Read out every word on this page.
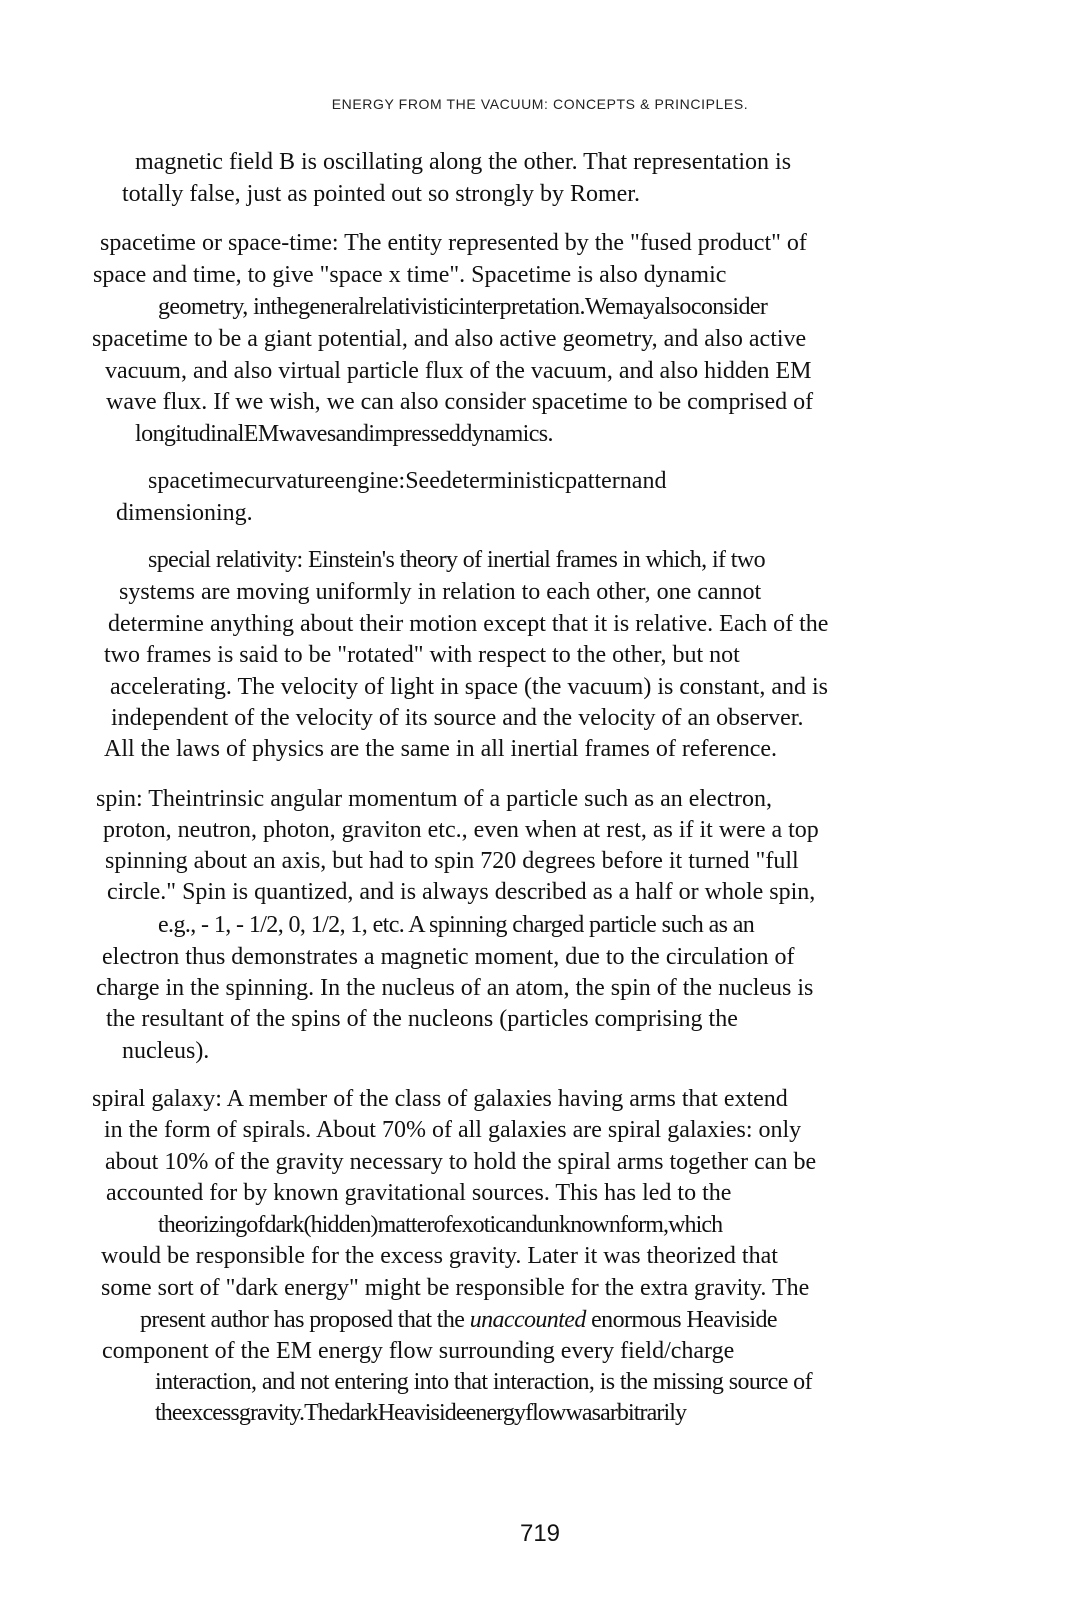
ENERGY FROM THE VACUUM: CONCEPTS & PRINCIPLES.
magnetic field B is oscillating along the other. That representation is
totally false, just as pointed out so strongly by Romer.
spacetime or space-time: The entity represented by the "fused product" of
space and time, to give "space x time". Spacetime is also dynamic
geometry, inthegeneralrelativisticinterpretation.Wemayalsoconsider
spacetime to be a giant potential, and also active geometry, and also active
vacuum, and also virtual particle flux of the vacuum, and also hidden EM
wave flux. If we wish, we can also consider spacetime to be comprised of
longitudinalEMwavesandimpresseddynamics.
spacetimecurvatureengine:Seedeterministicpatternand
dimensioning.
special relativity: Einstein's theory of inertial frames in which, if two
systems are moving uniformly in relation to each other, one cannot
determine anything about their motion except that it is relative. Each of the
two frames is said to be "rotated" with respect to the other, but not
accelerating. The velocity of light in space (the vacuum) is constant, and is
independent of the velocity of its source and the velocity of an observer.
All the laws of physics are the same in all inertial frames of reference.
spin: Theintrinsic angular momentum of a particle such as an electron,
proton, neutron, photon, graviton etc., even when at rest, as if it were a top
spinning about an axis, but had to spin 720 degrees before it turned "full
circle." Spin is quantized, and is always described as a half or whole spin,
e.g., - 1, - 1/2, 0, 1/2, 1, etc. A spinning charged particle such as an
electron thus demonstrates a magnetic moment, due to the circulation of
charge in the spinning. In the nucleus of an atom, the spin of the nucleus is
the resultant of the spins of the nucleons (particles comprising the
nucleus).
spiral galaxy: A member of the class of galaxies having arms that extend
in the form of spirals. About 70% of all galaxies are spiral galaxies: only
about 10% of the gravity necessary to hold the spiral arms together can be
accounted for by known gravitational sources. This has led to the
theorizingofdark(hidden)matterofexoticandunknownform,which
would be responsible for the excess gravity. Later it was theorized that
some sort of "dark energy" might be responsible for the extra gravity. The
present author has proposed that the unaccounted enormous Heaviside
component of the EM energy flow surrounding every field/charge
interaction, and not entering into that interaction, is the missing source of
theexcessgravity.ThedarkHeavisideenergyflowwasarbitrarily
719
